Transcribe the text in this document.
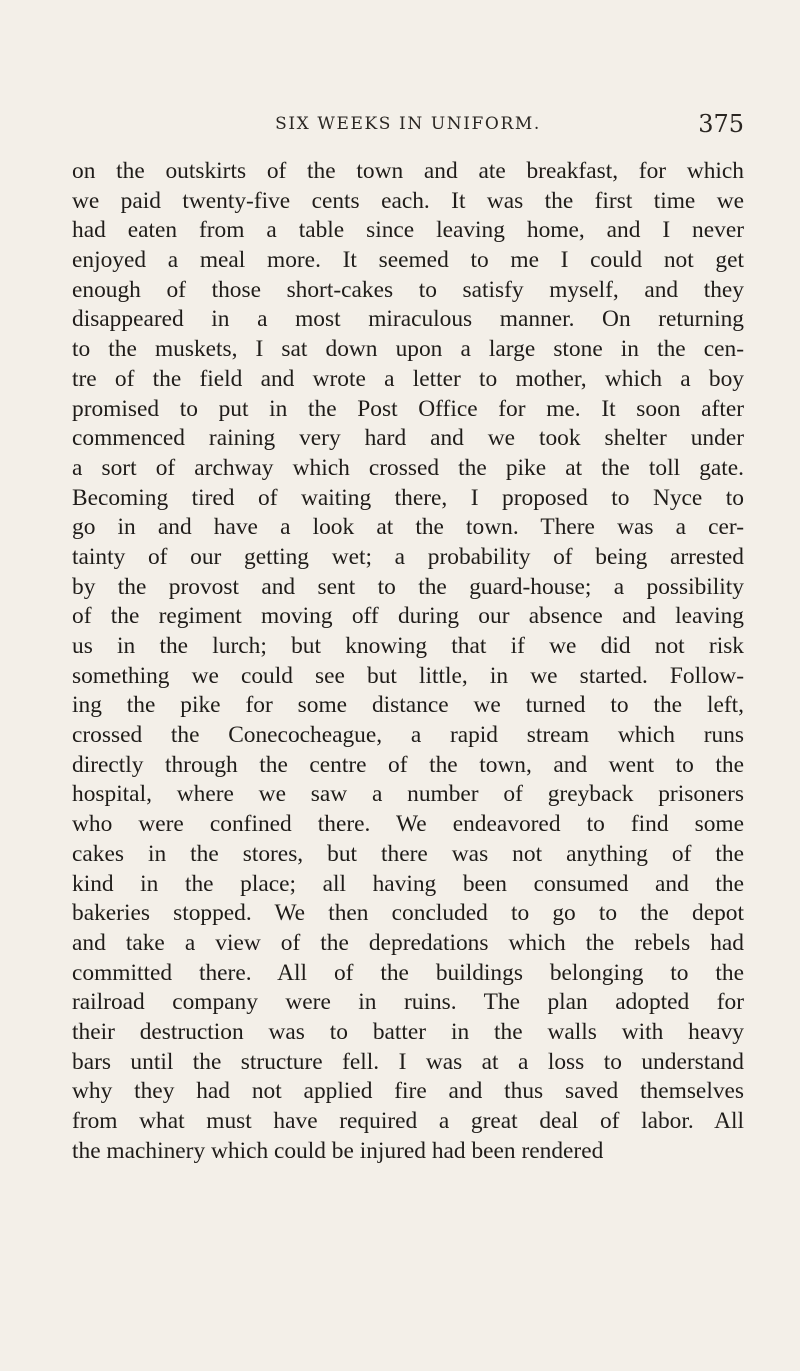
SIX WEEKS IN UNIFORM.	375
on the outskirts of the town and ate breakfast, for which
we paid twenty-five cents each. It was the first time we
had eaten from a table since leaving home, and I never
enjoyed a meal more. It seemed to me I could not get
enough of those short-cakes to satisfy myself, and they
disappeared in a most miraculous manner. On returning
to the muskets, I sat down upon a large stone in the cen-
tre of the field and wrote a letter to mother, which a boy
promised to put in the Post Office for me. It soon after
commenced raining very hard and we took shelter under
a sort of archway which crossed the pike at the toll gate.
Becoming tired of waiting there, I proposed to Nyce to
go in and have a look at the town. There was a cer-
tainty of our getting wet; a probability of being arrested
by the provost and sent to the guard-house; a possibility
of the regiment moving off during our absence and leaving
us in the lurch; but knowing that if we did not risk
something we could see but little, in we started. Follow-
ing the pike for some distance we turned to the left,
crossed the Conecocheague, a rapid stream which runs
directly through the centre of the town, and went to the
hospital, where we saw a number of greyback prisoners
who were confined there. We endeavored to find some
cakes in the stores, but there was not anything of the
kind in the place; all having been consumed and the
bakeries stopped. We then concluded to go to the depot
and take a view of the depredations which the rebels had
committed there. All of the buildings belonging to the
railroad company were in ruins. The plan adopted for
their destruction was to batter in the walls with heavy
bars until the structure fell. I was at a loss to understand
why they had not applied fire and thus saved themselves
from what must have required a great deal of labor. All
the machinery which could be injured had been rendered
